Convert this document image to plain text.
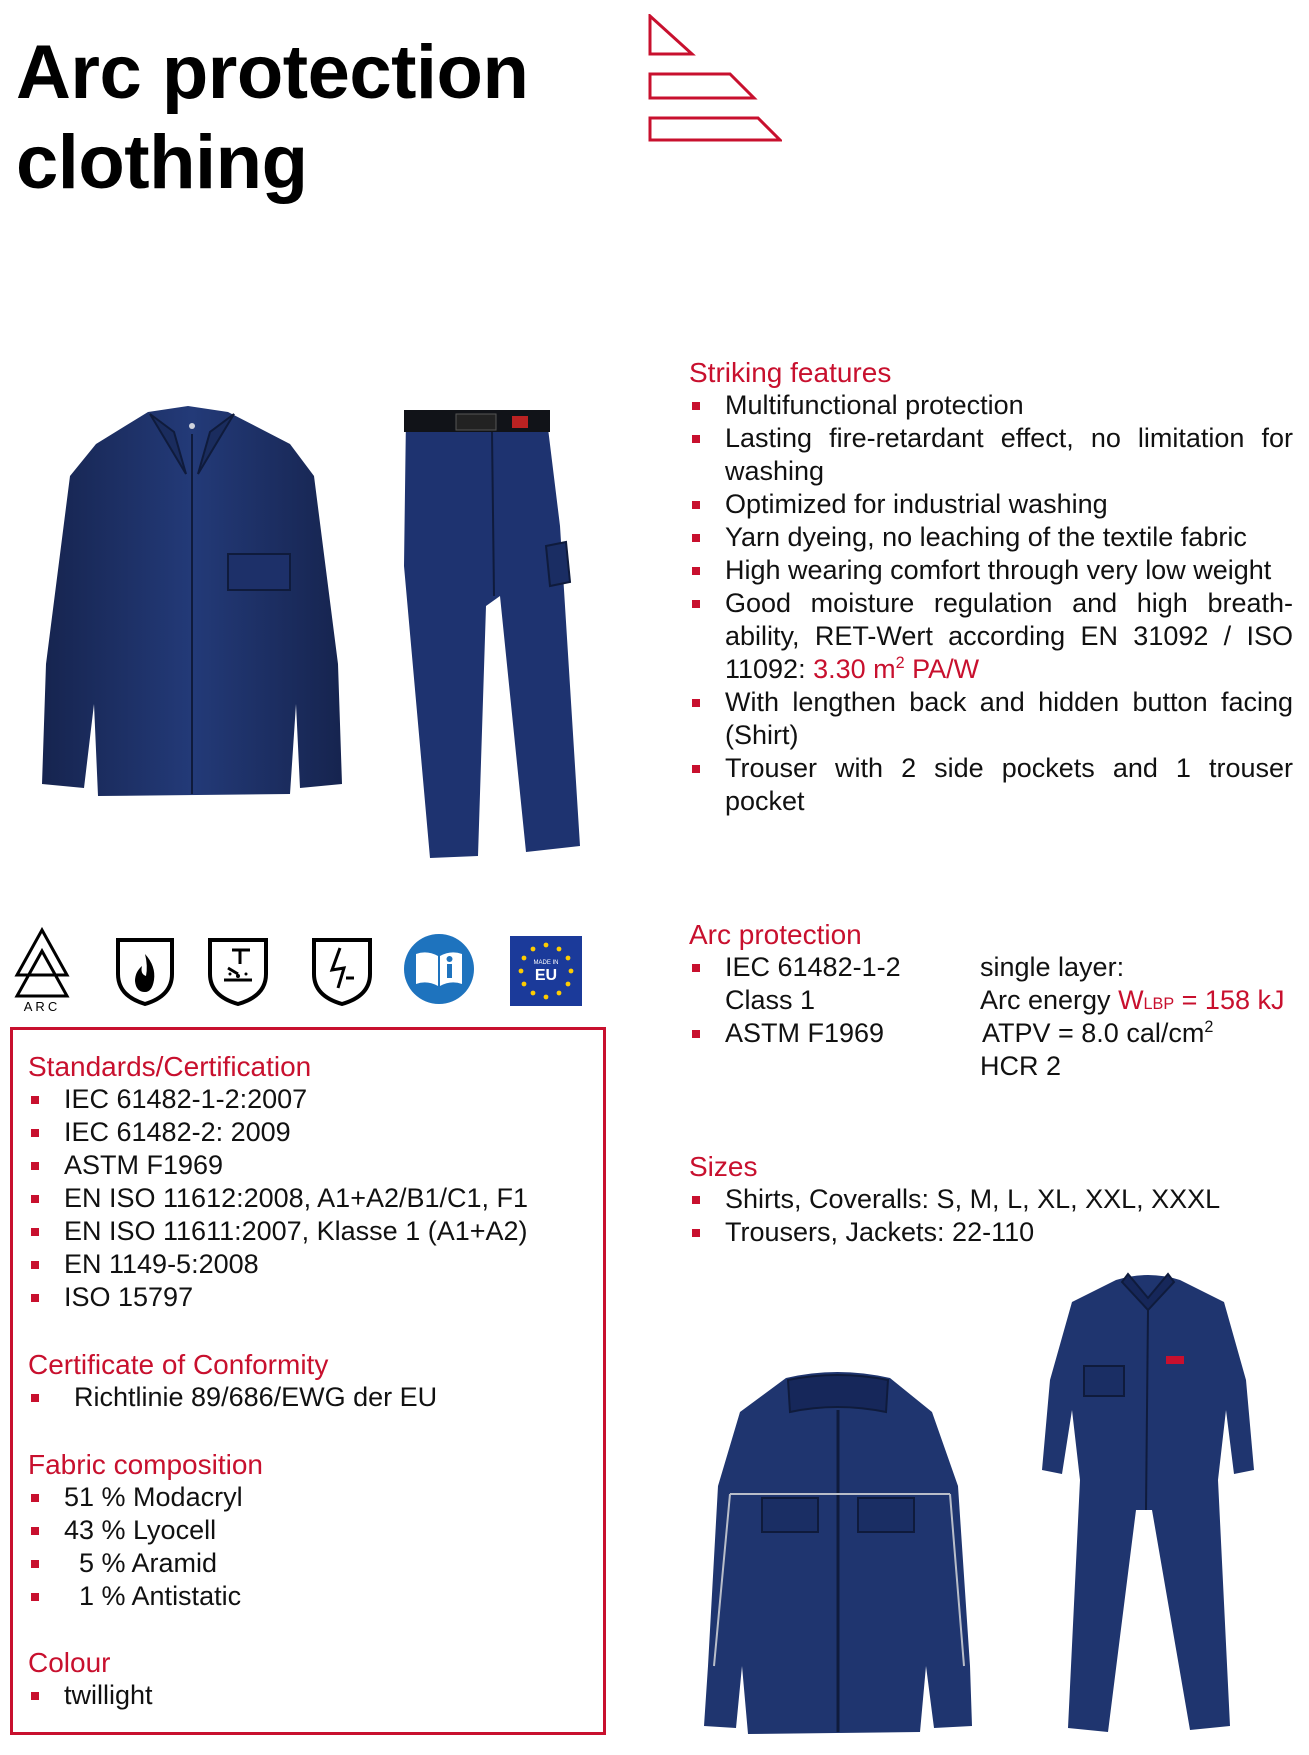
Arc protection
clothing
ARC
MADE IN
EU
Striking features
Multifunctional protection
Lasting fire-retardant effect, no limitation for washing
Optimized for industrial washing
Yarn dyeing, no leaching of the textile fabric
High wearing comfort through very low weight
Good moisture regulation and high breath-ability, RET-Wert according EN 31092 / ISO 11092: 3.30 $m^2$ PA/W
With lengthen back and hidden button facing (Shirt)
Trouser with 2 side pockets and 1 trouser pocket
Arc protection
IEC 61482-1-2
Class 1
single layer:
Arc energy WLBP = 158 kJ
ASTM F1969	ATPV = 8.0 cal/$cm^2$
HCR 2
Sizes
Shirts, Coveralls: S, M, L, XL, XXL, XXXL
Trousers, Jackets: 22-110
Standards/Certification
IEC 61482-1-2:2007
IEC 61482-2: 2009
ASTM F1969
EN ISO 11612:2008, A1+A2/B1/C1, F1
EN ISO 11611:2007, Klasse 1 (A1+A2)
EN 1149-5:2008
ISO 15797
Certificate of Conformity
Richtlinie 89/686/EWG der EU
Fabric composition
51 % Modacryl
43 % Lyocell
5 % Aramid
1 % Antistatic
Colour
twillight
